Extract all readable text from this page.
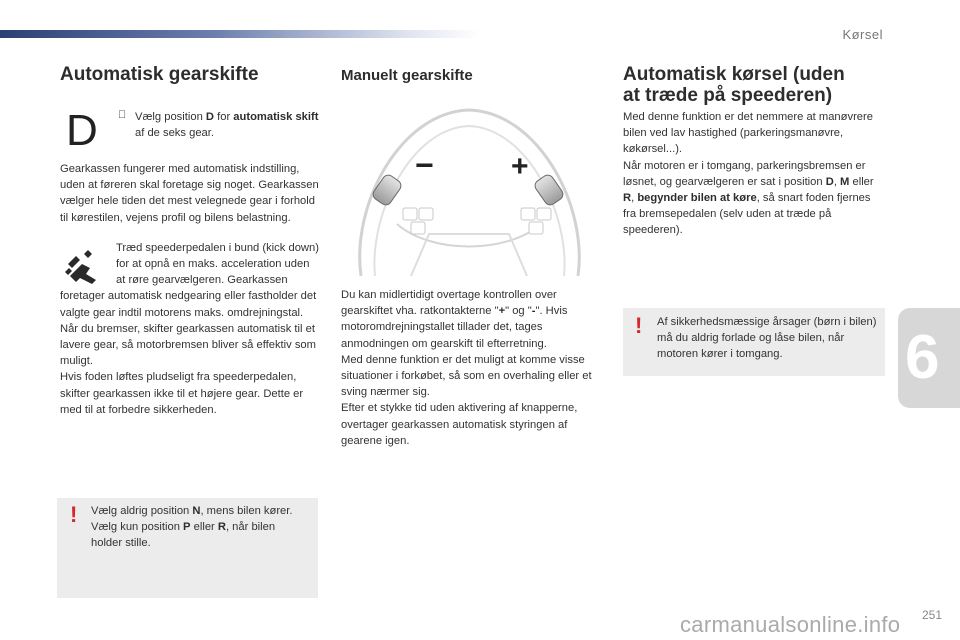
Kørsel
6
Automatisk gearskifte
D	Vælg position D for automatisk skift af de seks gear.

Gearkassen fungerer med automatisk indstilling, uden at føreren skal foretage sig noget. Gearkassen vælger hele tiden det mest velegnede gear i forhold til kørestilen, vejens profil og bilens belastning.

Træd speederpedalen i bund (kick down) for at opnå en maks. acceleration uden at røre gearvælgeren. Gearkassen

foretager automatisk nedgearing eller fastholder det valgte gear indtil motorens maks. omdrejningstal.

Når du bremser, skifter gearkassen automatisk til et lavere gear, så motorbremsen bliver så effektiv som muligt.

Hvis foden løftes pludseligt fra speederpedalen, skifter gearkassen ikke til et højere gear. Dette er med til at forbedre sikkerheden.

! Vælg aldrig position N, mens bilen kører.

Vælg kun position P eller R, når bilen holder stille.

Manuelt gearskifte
−	+

Du kan midlertidigt overtage kontrollen over gearskiftet vha. ratkontakterne "+" og "-". Hvis motoromdrejningstallet tillader det, tages anmodningen om gearskift til efterretning.

Med denne funktion er det muligt at komme visse situationer i forkøbet, så som en overhaling eller et sving nærmer sig.

Efter et stykke tid uden aktivering af knapperne, overtager gearkassen automatisk styringen af gearene igen.

Automatisk kørsel (uden
at træde på speederen)

Med denne funktion er det nemmere at manøvrere bilen ved lav hastighed (parkeringsmanøvre, køkørsel...).

Når motoren er i tomgang, parkeringsbremsen er løsnet, og gearvælgeren er sat i position D, M eller R, begynder bilen at køre, så snart foden fjernes fra bremsepedalen (selv uden at træde på speederen).

! Af sikkerhedsmæssige årsager (børn i bilen) må du aldrig forlade og låse bilen, når motoren kører i tomgang.

251
carmanualsonline.info
